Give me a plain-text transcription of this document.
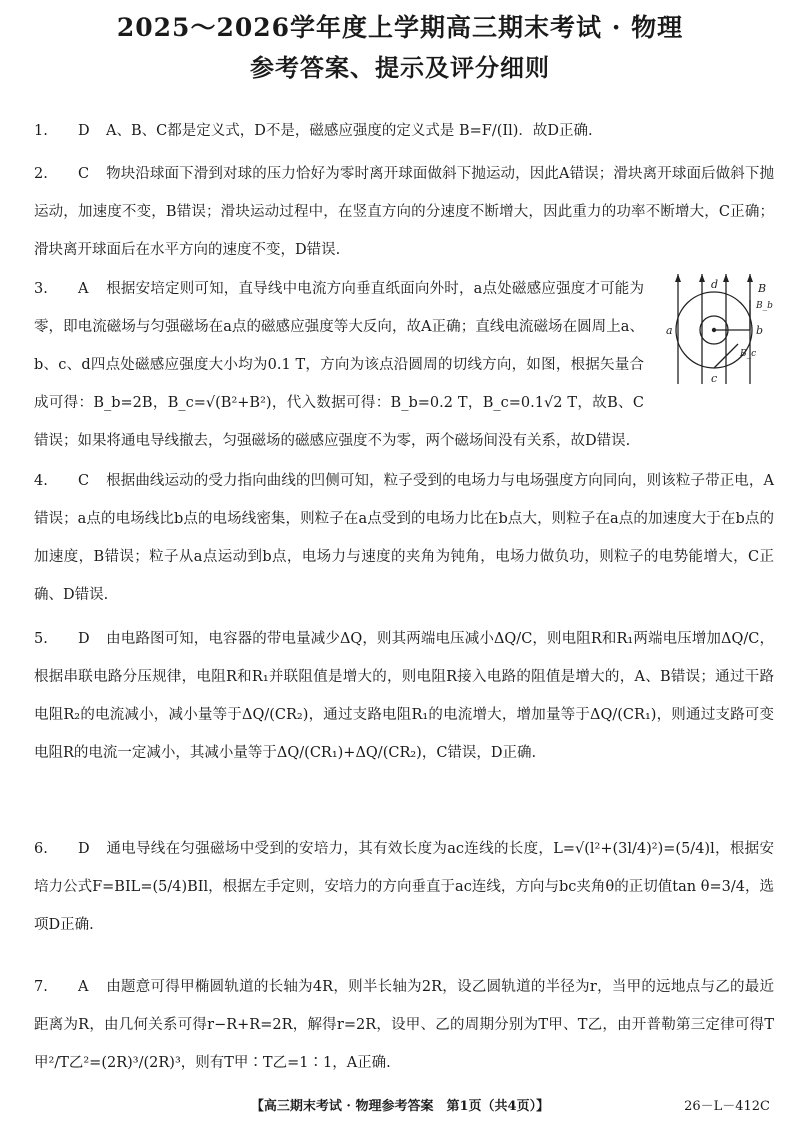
2025～2026学年度上学期高三期末考试 · 物理
参考答案、提示及评分细则

1. D A、B、C都是定义式，D不是，磁感应强度的定义式是 B=F/(Il)．故D正确.

2. C 物块沿球面下滑到对球的压力恰好为零时离开球面做斜下抛运动，因此A错误；滑块离开球面后做斜下抛运动，加速度不变，B错误；滑块运动过程中，在竖直方向的分速度不断增大，因此重力的功率不断增大，C正确；滑块离开球面后在水平方向的速度不变，D错误.

3. A 根据安培定则可知，直导线中电流方向垂直纸面向外时，a点处磁感应强度才可能为零，即电流磁场与匀强磁场在a点的磁感应强度等大反向，故A正确；直线电流磁场在圆周上a、b、c、d四点处磁感应强度大小均为0.1 T，方向为该点沿圆周的切线方向，如图，根据矢量合成可得：B_b=2B，B_c=√(B²+B²)，代入数据可得：B_b=0.2 T，B_c=0.1√2 T，故B、C错误；如果将通电导线撤去，匀强磁场的磁感应强度不为零，两个磁场间没有关系，故D错误.

a	b
c
d	B
B_b
B_c

4. C 根据曲线运动的受力指向曲线的凹侧可知，粒子受到的电场力与电场强度方向同向，则该粒子带正电，A错误；a点的电场线比b点的电场线密集，则粒子在a点受到的电场力比在b点大，则粒子在a点的加速度大于在b点的加速度，B错误；粒子从a点运动到b点，电场力与速度的夹角为钝角，电场力做负功，则粒子的电势能增大，C正确、D错误.

5. D 由电路图可知，电容器的带电量减少ΔQ，则其两端电压减小ΔQ/C，则电阻R和R₁两端电压增加ΔQ/C，根据串联电路分压规律，电阻R和R₁并联阻值是增大的，则电阻R接入电路的阻值是增大的，A、B错误；通过干路电阻R₂的电流减小，减小量等于ΔQ/(CR₂)，通过支路电阻R₁的电流增大，增加量等于ΔQ/(CR₁)，则通过支路可变电阻R的电流一定减小，其减小量等于ΔQ/(CR₁)+ΔQ/(CR₂)，C错误，D正确.

6. D 通电导线在匀强磁场中受到的安培力，其有效长度为ac连线的长度，L=√(l²+(3l/4)²)=(5/4)l，根据安培力公式F=BIL=(5/4)BIl，根据左手定则，安培力的方向垂直于ac连线，方向与bc夹角θ的正切值tan θ=3/4，选项D正确.

7. A 由题意可得甲椭圆轨道的长轴为4R，则半长轴为2R，设乙圆轨道的半径为r，当甲的远地点与乙的最近距离为R，由几何关系可得r−R+R=2R，解得r=2R，设甲、乙的周期分别为T甲、T乙，由开普勒第三定律可得T甲²/T乙²=(2R)³/(2R)³，则有T甲∶T乙=1∶1，A正确.

【高三期末考试 · 物理参考答案　第1页（共4页）】	26－L－412C
